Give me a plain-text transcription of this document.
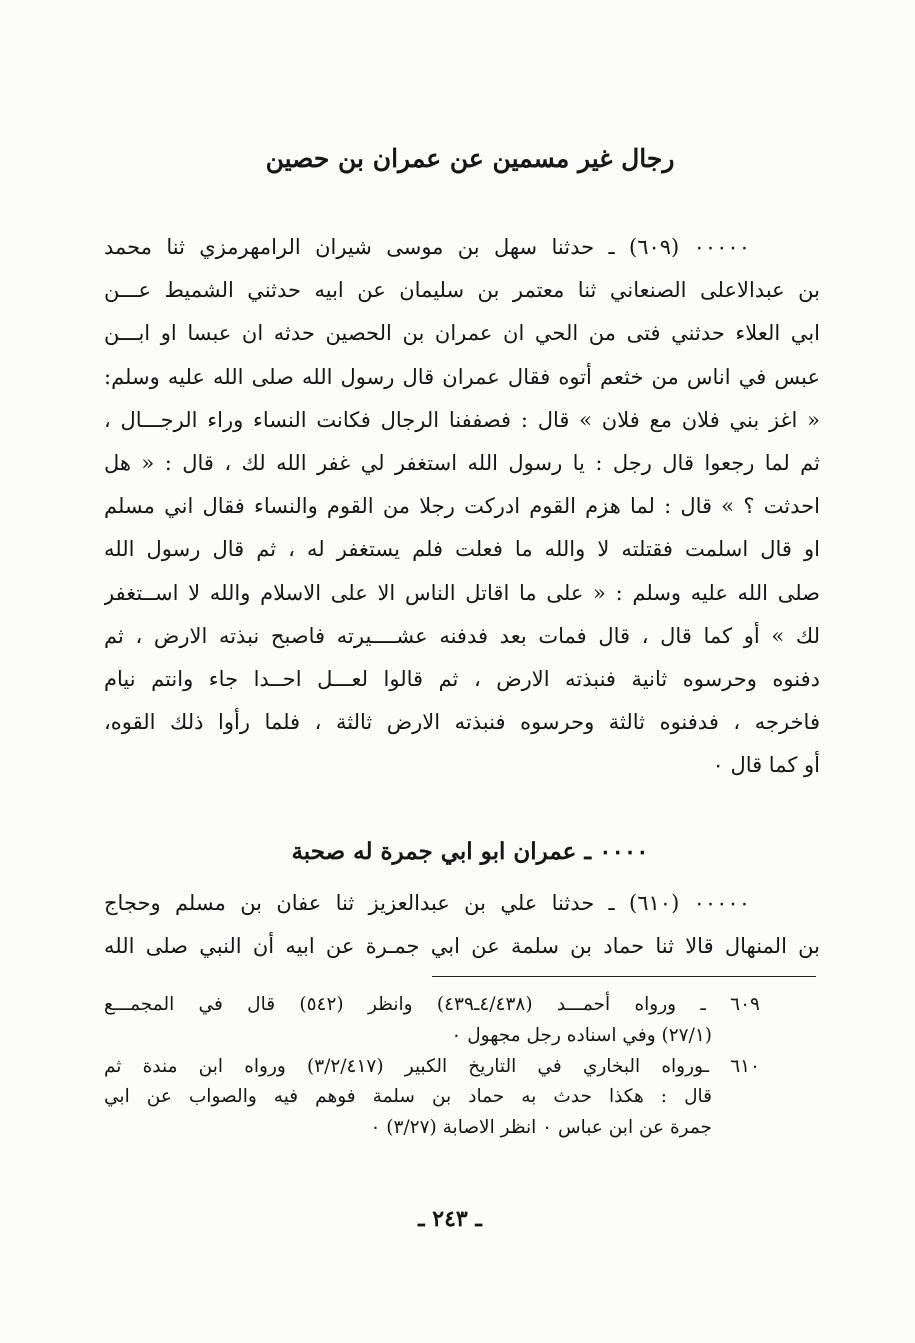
رجال غير مسمين عن عمران بن حصين
٠٠٠٠٠ (٦٠٩) ـ حدثنا سهل بن موسى شيران الرامهرمزي ثنا محمد
بن عبدالاعلى الصنعاني ثنا معتمر بن سليمان عن ابيه حدثني الشميط عـــن
ابي العلاء حدثني فتى من الحي ان عمران بن الحصين حدثه ان عبسا او ابـــن
عبس في اناس من خثعم أتوه فقال عمران قال رسول الله صلى الله عليه وسلم:
« اغز بني فلان مع فلان » قال : فصففنا الرجال فكانت النساء وراء الرجـــال ،
ثم لما رجعوا قال رجل : يا رسول الله استغفر لي غفر الله لك ، قال : « هل
احدثت ؟ » قال : لما هزم القوم ادركت رجلا من القوم والنساء فقال اني مسلم
او قال اسلمت فقتلته لا والله ما فعلت فلم يستغفر له ، ثم قال رسول الله
صلى الله عليه وسلم : « على ما اقاتل الناس الا على الاسلام والله لا اســتغفر
لك » أو كما قال ، قال فمات بعد فدفنه عشــــيرته فاصبح نبذته الارض ، ثم
دفنوه وحرسوه ثانية فنبذته الارض ، ثم قالوا لعـــل احــدا جاء وانتم نيام
فاخرجه ، فدفنوه ثالثة وحرسوه فنبذته الارض ثالثة ، فلما رأوا ذلك القوه،
أو كما قال ٠
٠٠٠٠ ـ عمران ابو ابي جمرة له صحبة
٠٠٠٠٠ (٦١٠) ـ حدثنا علي بن عبدالعزيز ثنا عفان بن مسلم وحجاج
بن المنهال قالا ثنا حماد بن سلمة عن ابي جمـرة عن ابيه أن النبي صلى الله
٦٠٩ ـ ورواه أحمـــد (٤/٤٣٨ـ٤٣٩) وانظر (٥٤٢) قال في المجمـــع
(٢٧/١) وفي اسناده رجل مجهول ٠
٦١٠ ـورواه البخاري في التاريخ الكبير (٣/٢/٤١٧) ورواه ابن مندة ثم
قال : هكذا حدث به حماد بن سلمة فوهم فيه والصواب عن ابي
جمرة عن ابن عباس ٠ انظر الاصابة (٣/٢٧) ٠
ـ ٢٤٣ ـ
